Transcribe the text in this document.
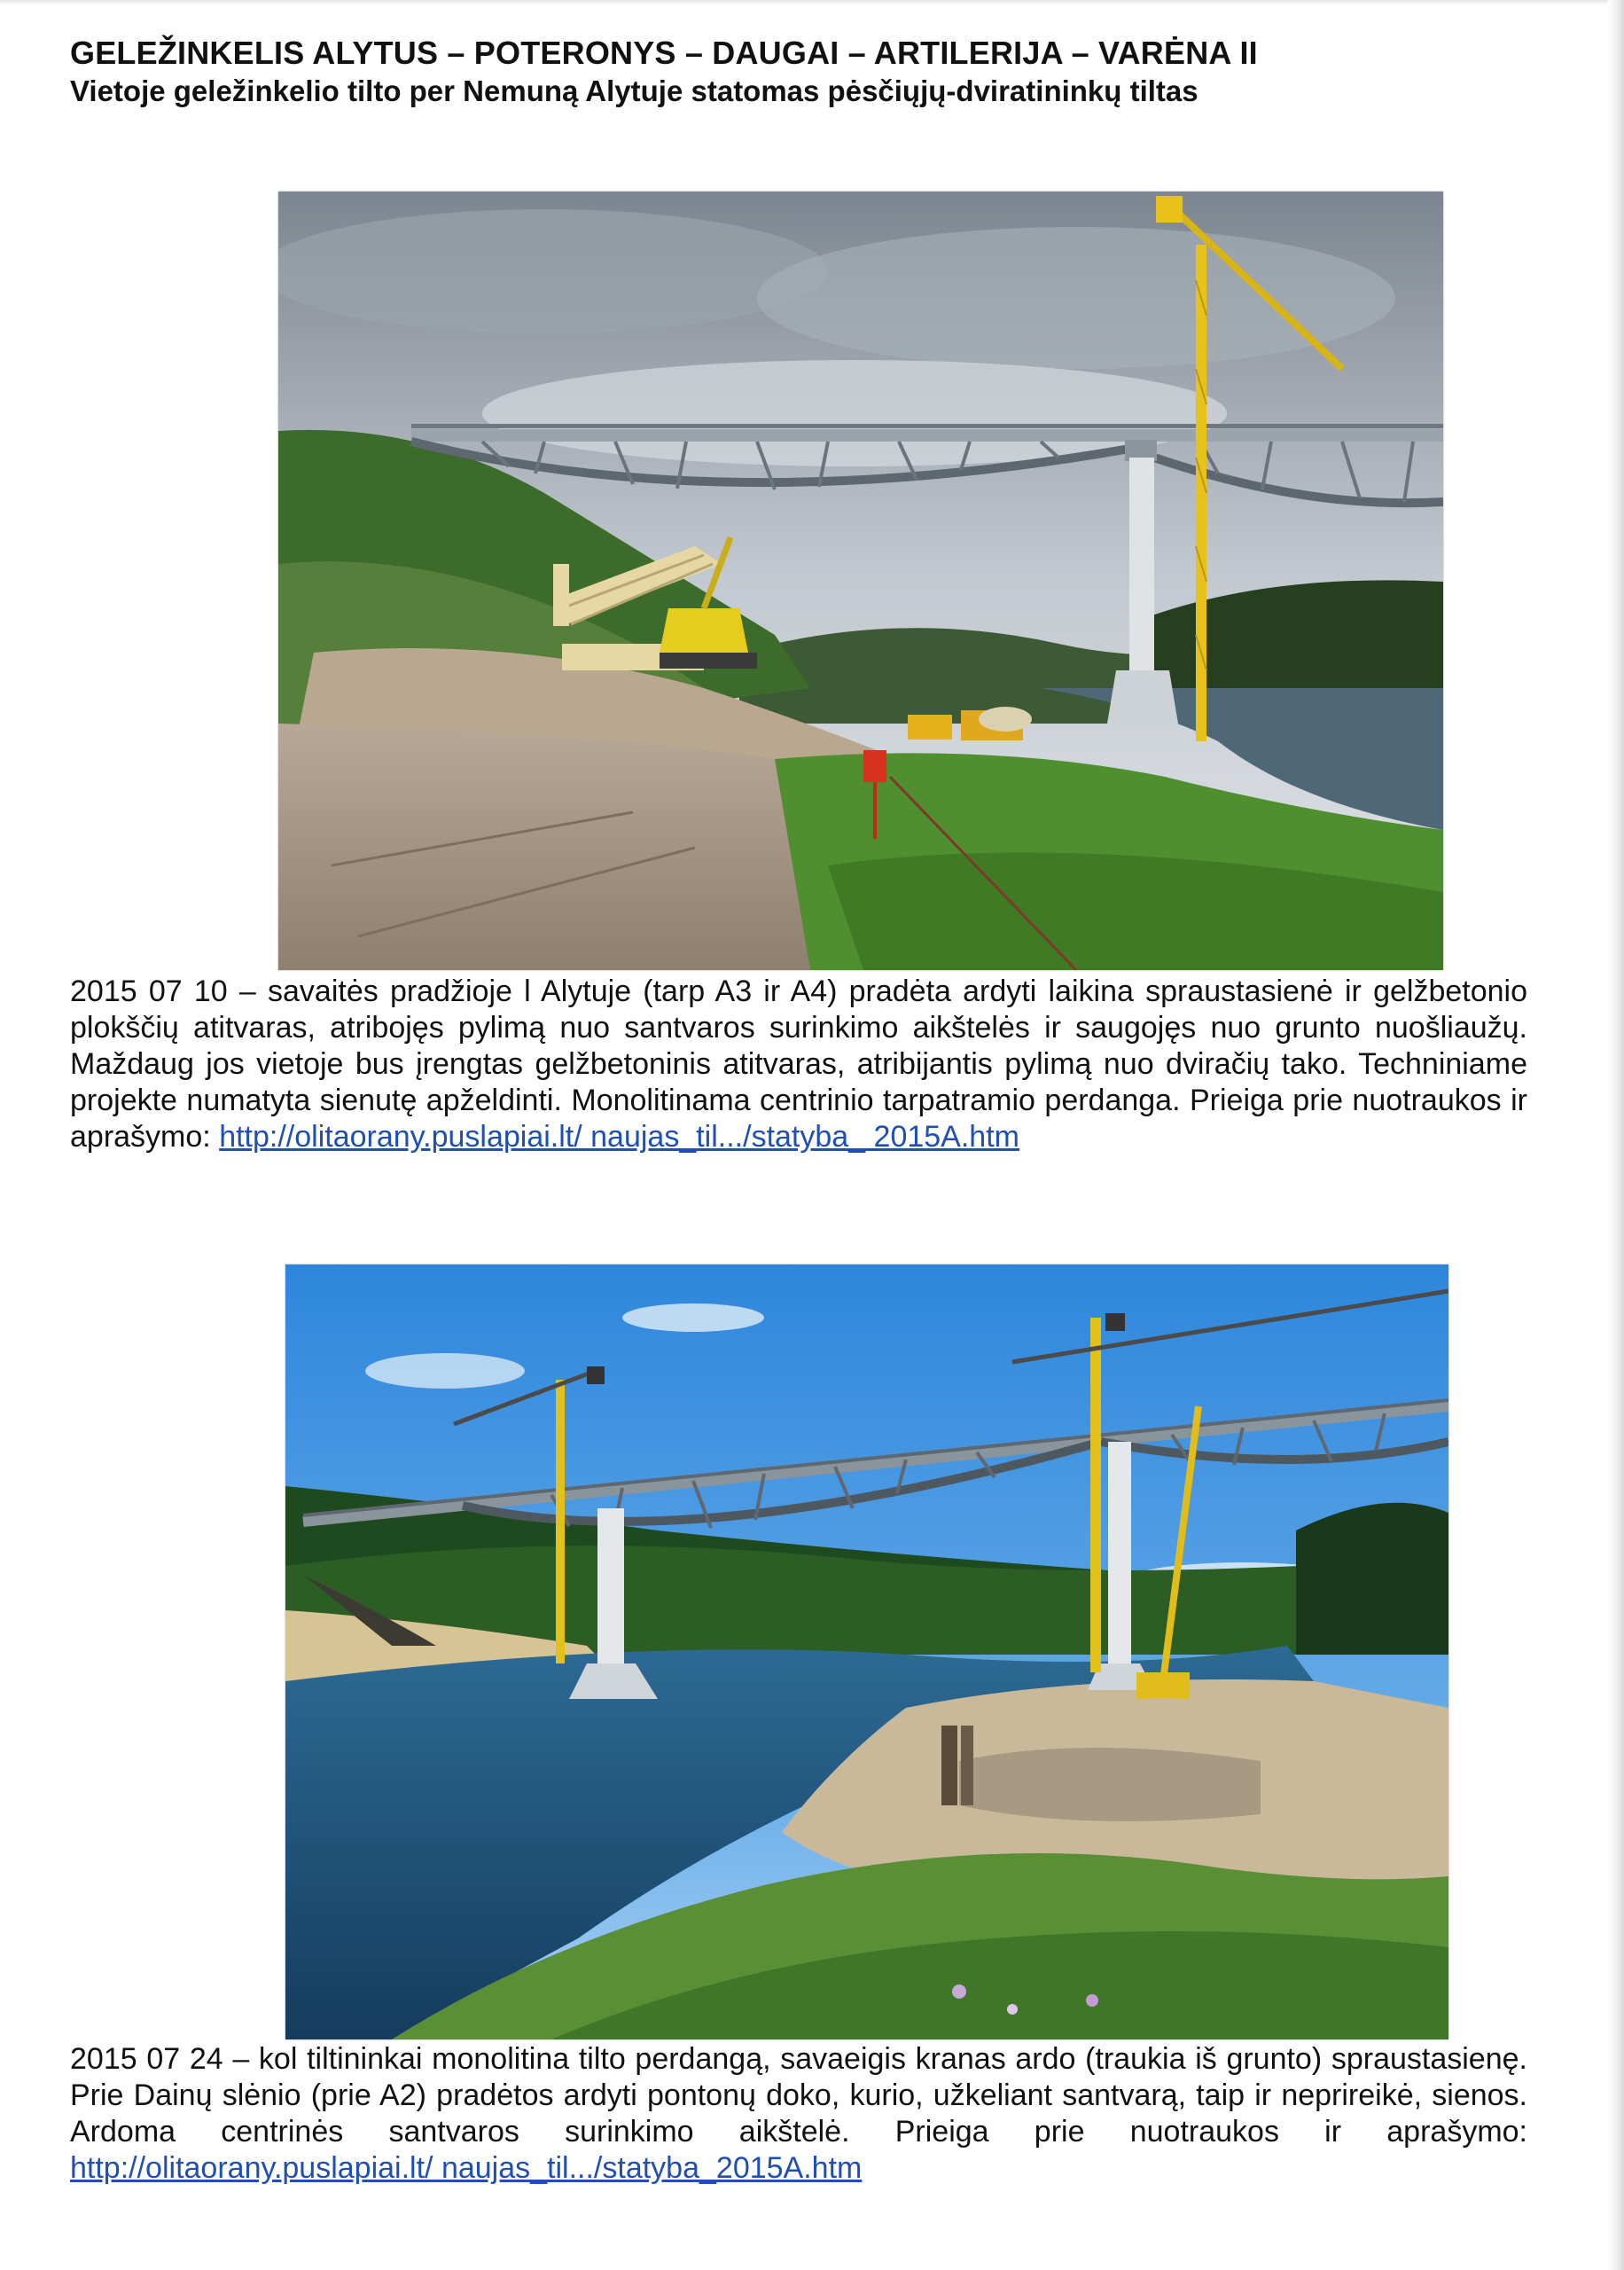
GELEŽINKELIS ALYTUS – POTERONYS – DAUGAI – ARTILERIJA – VARĖNA II
Vietoje geležinkelio tilto per Nemuną Alytuje statomas pėsčiųjų-dviratininkų tiltas
2015 07 10 – savaitės pradžioje l Alytuje (tarp A3 ir A4) pradėta ardyti laikina spraustasienė ir gelžbetonio plokščių atitvaras, atribojęs pylimą nuo santvaros surinkimo aikštelės ir saugojęs nuo grunto nuošliaužų. Maždaug jos vietoje bus įrengtas gelžbetoninis atitvaras, atribijantis pylimą nuo dviračių tako. Techniniame projekte numatyta sienutę apželdinti. Monolitinama centrinio tarpatramio perdanga. Prieiga prie nuotraukos ir aprašymo: http://olitaorany.puslapiai.lt/ naujas_til.../statyba_ 2015A.htm
2015 07 24 – kol tiltininkai monolitina tilto perdangą, savaeigis kranas ardo (traukia iš grunto) spraustasienę. Prie Dainų slėnio (prie A2) pradėtos ardyti pontonų doko, kurio, užkeliant santvarą, taip ir neprireikė, sienos. Ardoma centrinės santvaros surinkimo aikštelė. Prieiga prie nuotraukos ir aprašymo: http://olitaorany.puslapiai.lt/ naujas_til.../statyba_2015A.htm
